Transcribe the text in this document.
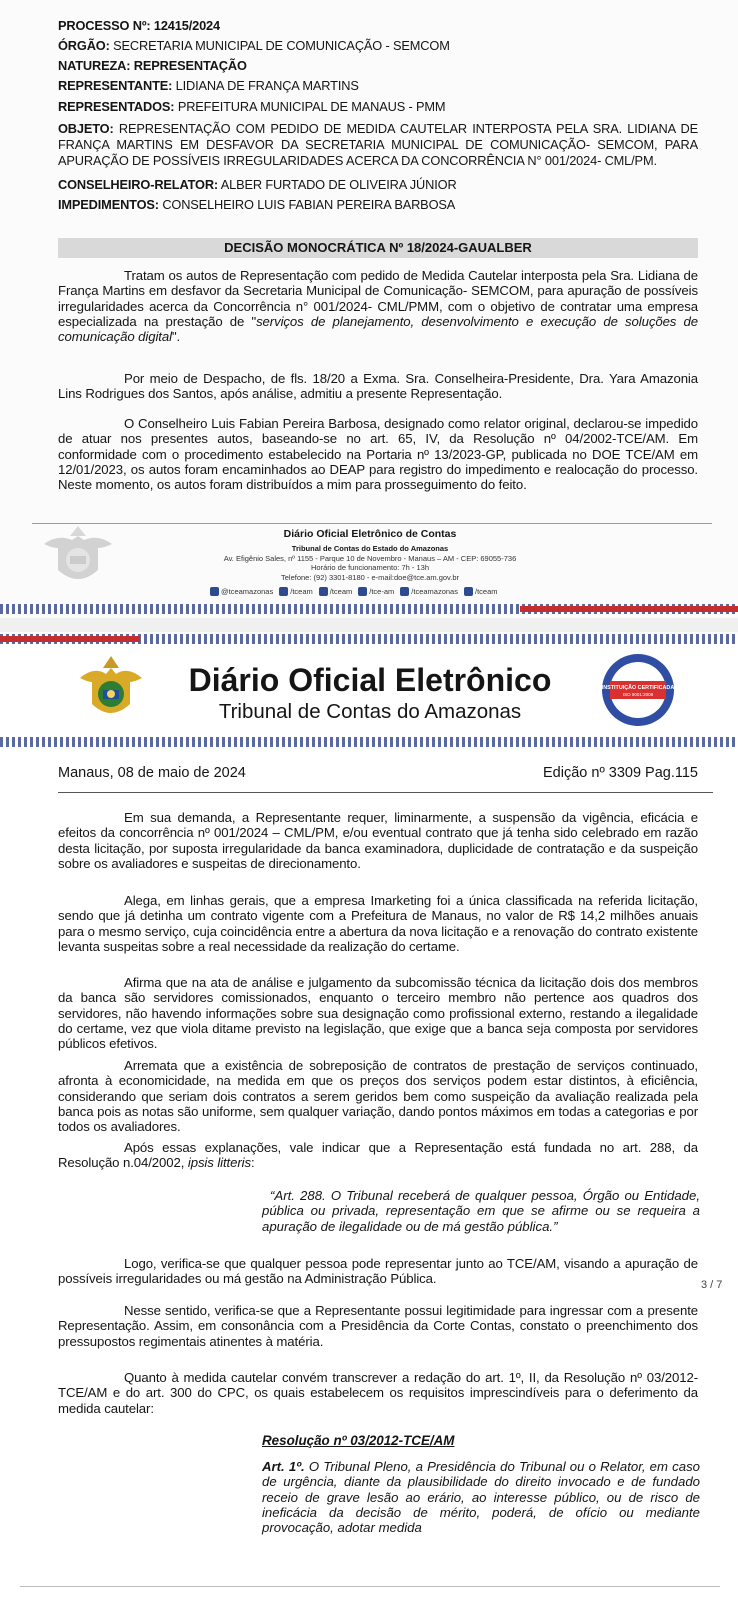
PROCESSO Nº: 12415/2024
ÓRGÃO: SECRETARIA MUNICIPAL DE COMUNICAÇÃO - SEMCOM
NATUREZA: REPRESENTAÇÃO
REPRESENTANTE: LIDIANA DE FRANÇA MARTINS
REPRESENTADOS: PREFEITURA MUNICIPAL DE MANAUS - PMM
OBJETO: REPRESENTAÇÃO COM PEDIDO DE MEDIDA CAUTELAR INTERPOSTA PELA SRA. LIDIANA DE FRANÇA MARTINS EM DESFAVOR DA SECRETARIA MUNICIPAL DE COMUNICAÇÃO- SEMCOM, PARA APURAÇÃO DE POSSÍVEIS IRREGULARIDADES ACERCA DA CONCORRÊNCIA N° 001/2024- CML/PM.
CONSELHEIRO-RELATOR: ALBER FURTADO DE OLIVEIRA JÚNIOR
IMPEDIMENTOS: CONSELHEIRO LUIS FABIAN PEREIRA BARBOSA
DECISÃO MONOCRÁTICA Nº 18/2024-GAUALBER
Tratam os autos de Representação com pedido de Medida Cautelar interposta pela Sra. Lidiana de França Martins em desfavor da Secretaria Municipal de Comunicação- SEMCOM, para apuração de possíveis irregularidades acerca da Concorrência n° 001/2024- CML/PMM, com o objetivo de contratar uma empresa especializada na prestação de "serviços de planejamento, desenvolvimento e execução de soluções de comunicação digital".
Por meio de Despacho, de fls. 18/20 a Exma. Sra. Conselheira-Presidente, Dra. Yara Amazonia Lins Rodrigues dos Santos, após análise, admitiu a presente Representação.
O Conselheiro Luis Fabian Pereira Barbosa, designado como relator original, declarou-se impedido de atuar nos presentes autos, baseando-se no art. 65, IV, da Resolução nº 04/2002-TCE/AM. Em conformidade com o procedimento estabelecido na Portaria nº 13/2023-GP, publicada no DOE TCE/AM em 12/01/2023, os autos foram encaminhados ao DEAP para registro do impedimento e realocação do processo. Neste momento, os autos foram distribuídos a mim para prosseguimento do feito.
Diário Oficial Eletrônico de Contas
Tribunal de Contas do Estado do Amazonas
Av. Efigênio Sales, nº 1155 - Parque 10 de Novembro - Manaus – AM - CEP: 69055-736
Horário de funcionamento: 7h - 13h
Telefone: (92) 3301-8180 - e-mail:doe@tce.am.gov.br
@tceamazonas /tceam /tceam /tce-am /tceamazonas /tceam
Diário Oficial Eletrônico
Tribunal de Contas do Amazonas
INSTITUIÇÃO CERTIFICADA
ISO 9001:2008
Manaus, 08 de maio de 2024	Edição nº 3309 Pag.115
Em sua demanda, a Representante requer, liminarmente, a suspensão da vigência, eficácia e efeitos da concorrência nº 001/2024 – CML/PM, e/ou eventual contrato que já tenha sido celebrado em razão desta licitação, por suposta irregularidade da banca examinadora, duplicidade de contratação e da suspeição sobre os avaliadores e suspeitas de direcionamento.
Alega, em linhas gerais, que a empresa Imarketing foi a única classificada na referida licitação, sendo que já detinha um contrato vigente com a Prefeitura de Manaus, no valor de R$ 14,2 milhões anuais para o mesmo serviço, cuja coincidência entre a abertura da nova licitação e a renovação do contrato existente levanta suspeitas sobre a real necessidade da realização do certame.
Afirma que na ata de análise e julgamento da subcomissão técnica da licitação dois dos membros da banca são servidores comissionados, enquanto o terceiro membro não pertence aos quadros dos servidores, não havendo informações sobre sua designação como profissional externo, restando a ilegalidade do certame, vez que viola ditame previsto na legislação, que exige que a banca seja composta por servidores públicos efetivos.
Arremata que a existência de sobreposição de contratos de prestação de serviços continuado, afronta à economicidade, na medida em que os preços dos serviços podem estar distintos, à eficiência, considerando que seriam dois contratos a serem geridos bem como suspeição da avaliação realizada pela banca pois as notas são uniforme, sem qualquer variação, dando pontos máximos em todas a categorias e por todos os avaliadores.
Após essas explanações, vale indicar que a Representação está fundada no art. 288, da Resolução n.04/2002, ipsis litteris:
“Art. 288. O Tribunal receberá de qualquer pessoa, Órgão ou Entidade, pública ou privada, representação em que se afirme ou se requeira a apuração de ilegalidade ou de má gestão pública.”
Logo, verifica-se que qualquer pessoa pode representar junto ao TCE/AM, visando a apuração de possíveis irregularidades ou má gestão na Administração Pública.	3 / 7
Nesse sentido, verifica-se que a Representante possui legitimidade para ingressar com a presente Representação. Assim, em consonância com a Presidência da Corte Contas, constato o preenchimento dos pressupostos regimentais atinentes à matéria.
Quanto à medida cautelar convém transcrever a redação do art. 1º, II, da Resolução nº 03/2012-TCE/AM e do art. 300 do CPC, os quais estabelecem os requisitos imprescindíveis para o deferimento da medida cautelar:
Resolução nº 03/2012-TCE/AM
Art. 1º. O Tribunal Pleno, a Presidência do Tribunal ou o Relator, em caso de urgência, diante da plausibilidade do direito invocado e de fundado receio de grave lesão ao erário, ao interesse público, ou de risco de ineficácia da decisão de mérito, poderá, de ofício ou mediante provocação, adotar medida
